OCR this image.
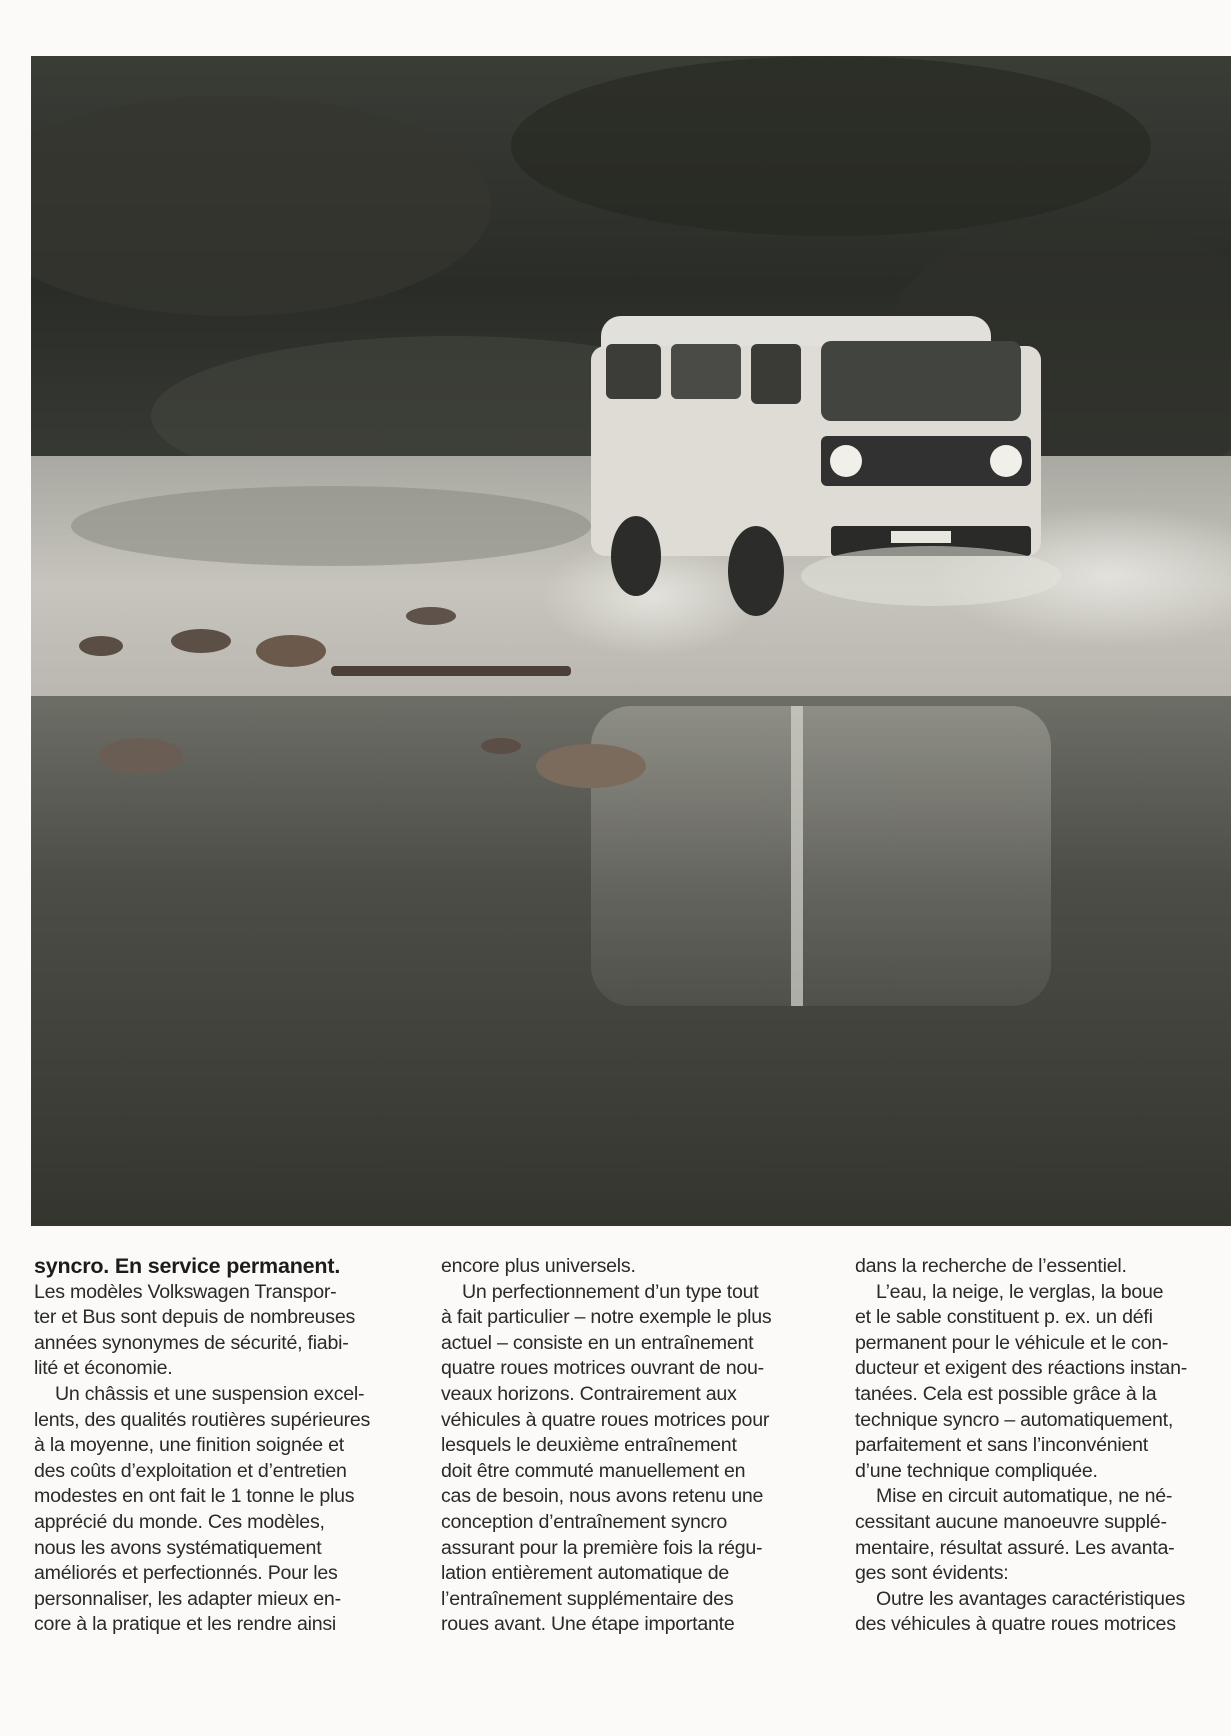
syncro. En service permanent.

Les modèles Volkswagen Transpor-
ter et Bus sont depuis de nombreuses
années synonymes de sécurité, fiabi-
lité et économie.

Un châssis et une suspension excel-
lents, des qualités routières supérieures
à la moyenne, une finition soignée et
des coûts d’exploitation et d’entretien
modestes en ont fait le 1 tonne le plus
apprécié du monde. Ces modèles,
nous les avons systématiquement
améliorés et perfectionnés. Pour les
personnaliser, les adapter mieux en-
core à la pratique et les rendre ainsi

encore plus universels.

Un perfectionnement d’un type tout
à fait particulier – notre exemple le plus
actuel – consiste en un entraînement
quatre roues motrices ouvrant de nou-
veaux horizons. Contrairement aux
véhicules à quatre roues motrices pour
lesquels le deuxième entraînement
doit être commuté manuellement en
cas de besoin, nous avons retenu une
conception d’entraînement syncro
assurant pour la première fois la régu-
lation entièrement automatique de
l’entraînement supplémentaire des
roues avant. Une étape importante

dans la recherche de l’essentiel.

L’eau, la neige, le verglas, la boue
et le sable constituent p. ex. un défi
permanent pour le véhicule et le con-
ducteur et exigent des réactions instan-
tanées. Cela est possible grâce à la
technique syncro – automatiquement,
parfaitement et sans l’inconvénient
d’une technique compliquée.

Mise en circuit automatique, ne né-
cessitant aucune manoeuvre supplé-
mentaire, résultat assuré. Les avanta-
ges sont évidents:

Outre les avantages caractéristiques
des véhicules à quatre roues motrices
